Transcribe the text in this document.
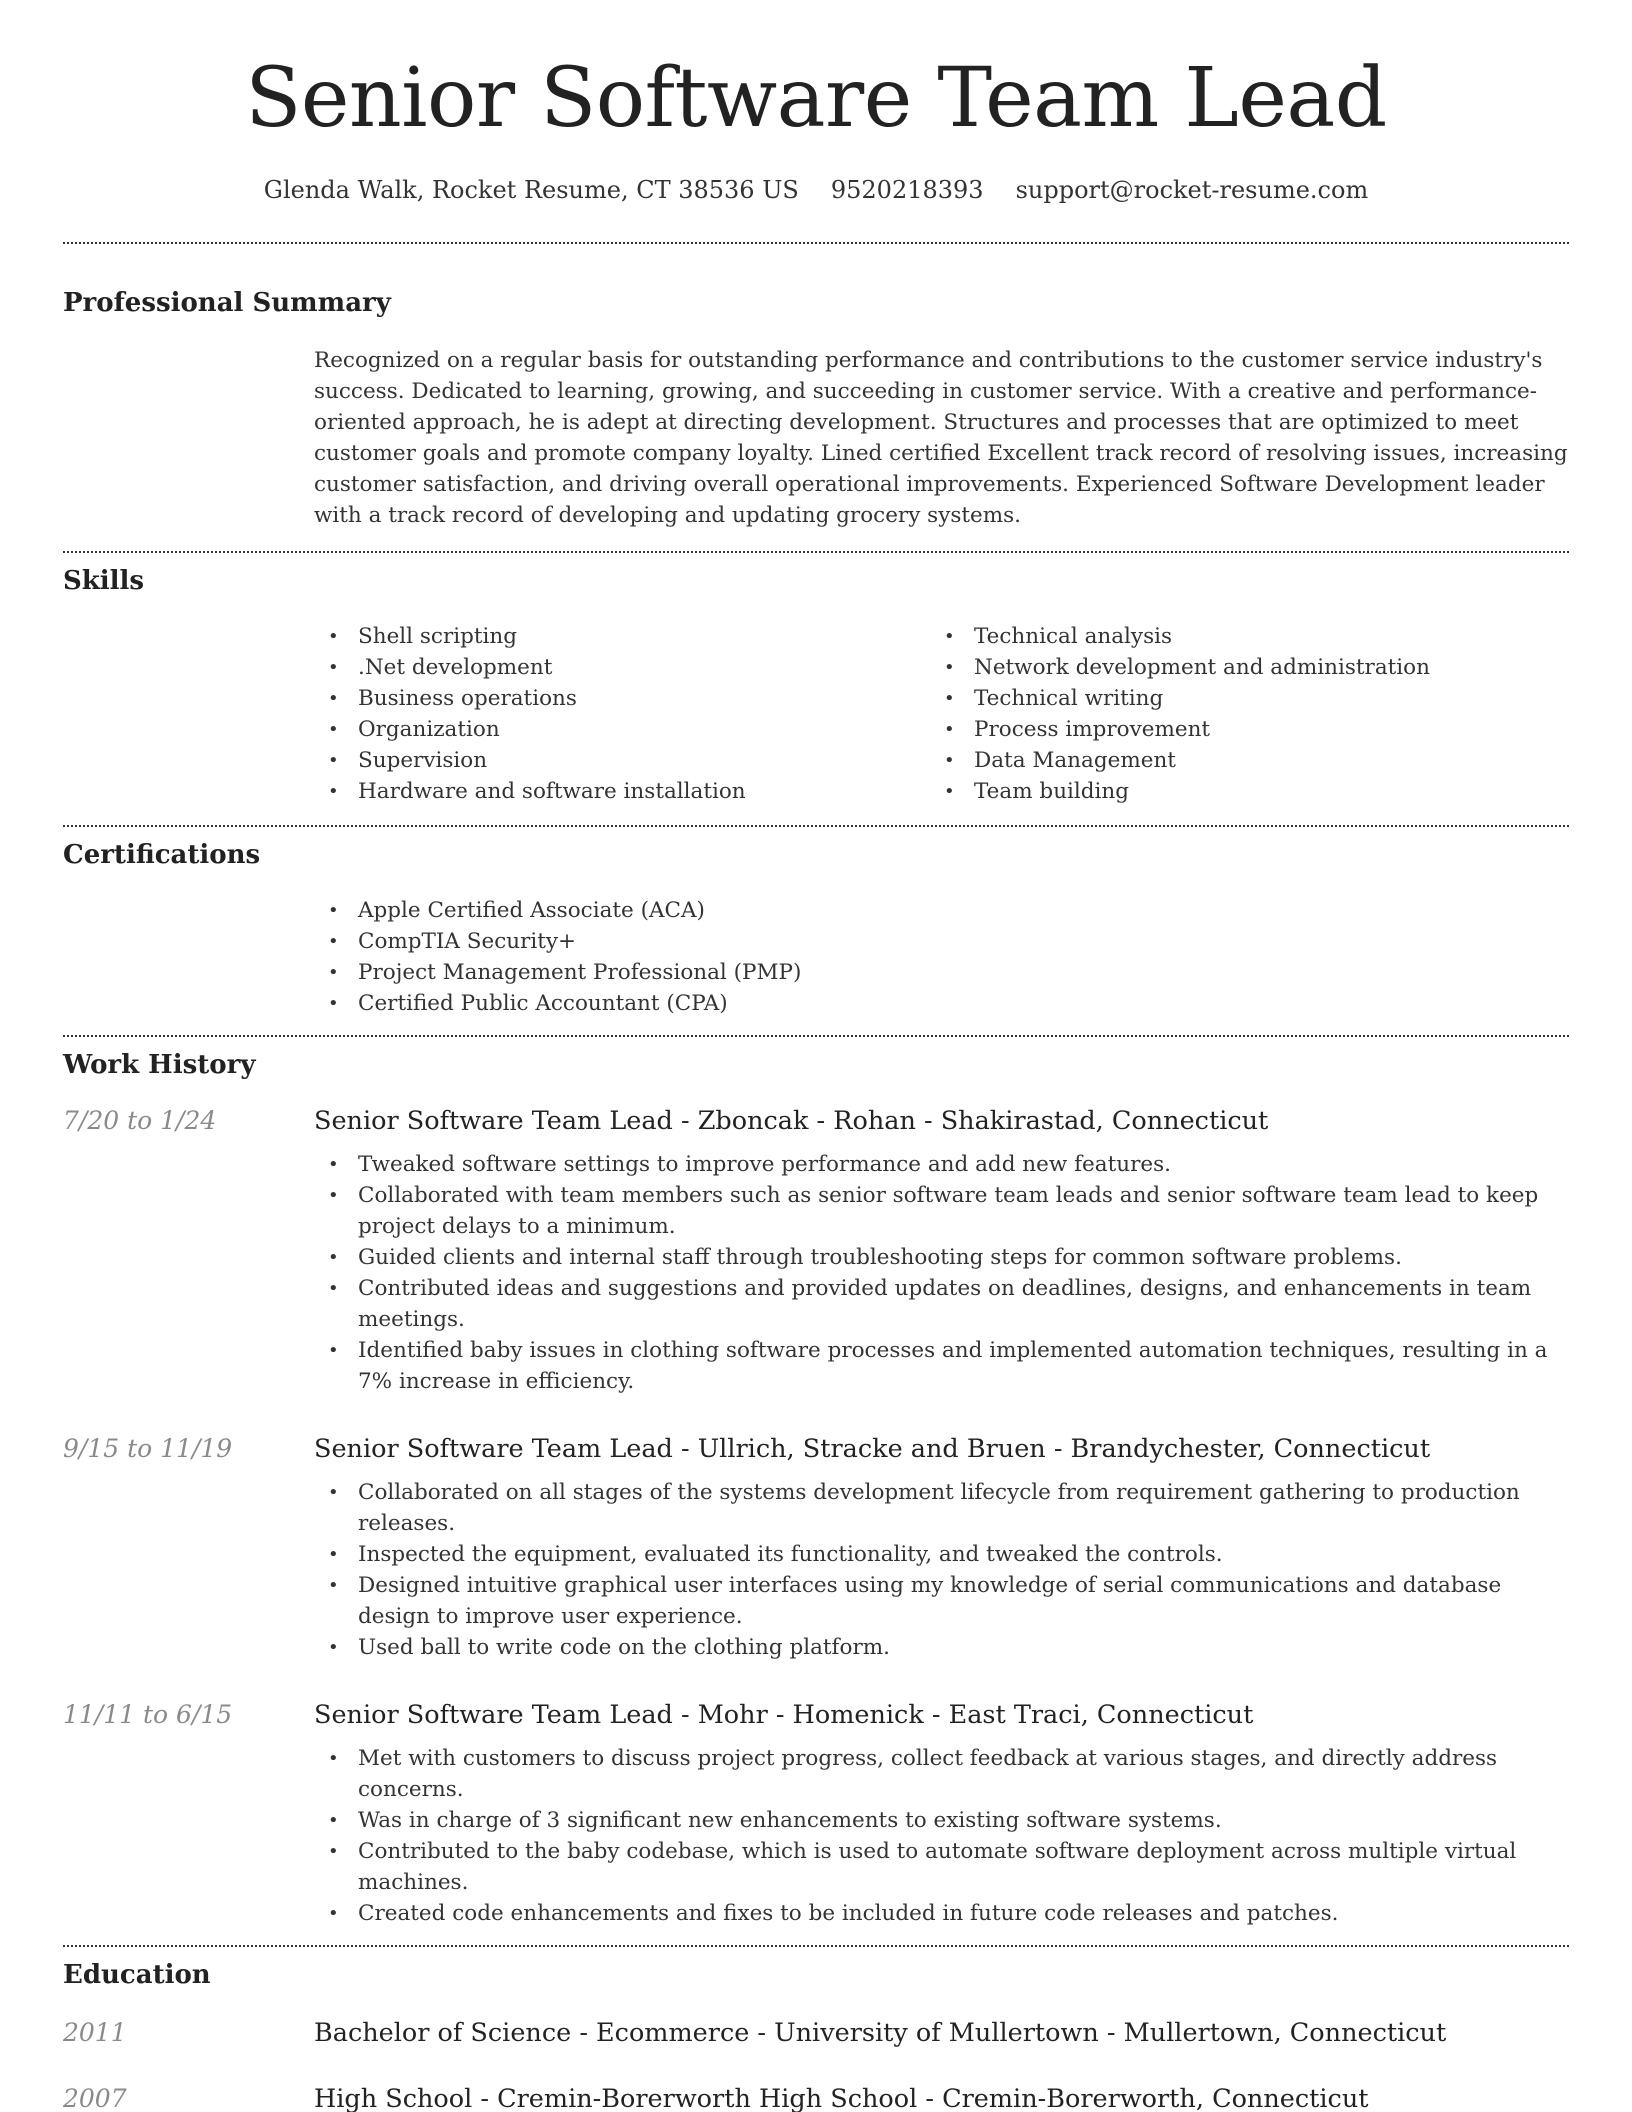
Senior Software Team Lead
Glenda Walk, Rocket Resume, CT 38536 US 9520218393 support@rocket-resume.com
Professional Summary

Recognized on a regular basis for outstanding performance and contributions to the customer service industry's success. Dedicated to learning, growing, and succeeding in customer service. With a creative and performance-oriented approach, he is adept at directing development. Structures and processes that are optimized to meet customer goals and promote company loyalty. Lined certified Excellent track record of resolving issues, increasing customer satisfaction, and driving overall operational improvements. Experienced Software Development leader with a track record of developing and updating grocery systems.

Skills
• Shell scripting
• .Net development
• Business operations
• Organization
• Supervision
• Hardware and software installation
• Technical analysis
• Network development and administration
• Technical writing
• Process improvement
• Data Management
• Team building
Certifications
• Apple Certified Associate (ACA)
• CompTIA Security+
• Project Management Professional (PMP)
• Certified Public Accountant (CPA)
Work History
7/20 to 1/24	Senior Software Team Lead - Zboncak - Rohan - Shakirastad, Connecticut
• Tweaked software settings to improve performance and add new features.
• Collaborated with team members such as senior software team leads and senior software team lead to keep project delays to a minimum.
• Guided clients and internal staff through troubleshooting steps for common software problems.
• Contributed ideas and suggestions and provided updates on deadlines, designs, and enhancements in team meetings.
• Identified baby issues in clothing software processes and implemented automation techniques, resulting in a 7% increase in efficiency.
9/15 to 11/19	Senior Software Team Lead - Ullrich, Stracke and Bruen - Brandychester, Connecticut
• Collaborated on all stages of the systems development lifecycle from requirement gathering to production releases.
• Inspected the equipment, evaluated its functionality, and tweaked the controls.
• Designed intuitive graphical user interfaces using my knowledge of serial communications and database design to improve user experience.
• Used ball to write code on the clothing platform.
11/11 to 6/15	Senior Software Team Lead - Mohr - Homenick - East Traci, Connecticut
• Met with customers to discuss project progress, collect feedback at various stages, and directly address concerns.
• Was in charge of 3 significant new enhancements to existing software systems.
• Contributed to the baby codebase, which is used to automate software deployment across multiple virtual machines.
• Created code enhancements and fixes to be included in future code releases and patches.
Education
2011	Bachelor of Science - Ecommerce - University of Mullertown - Mullertown, Connecticut
2007	High School - Cremin-Borerworth High School - Cremin-Borerworth, Connecticut
